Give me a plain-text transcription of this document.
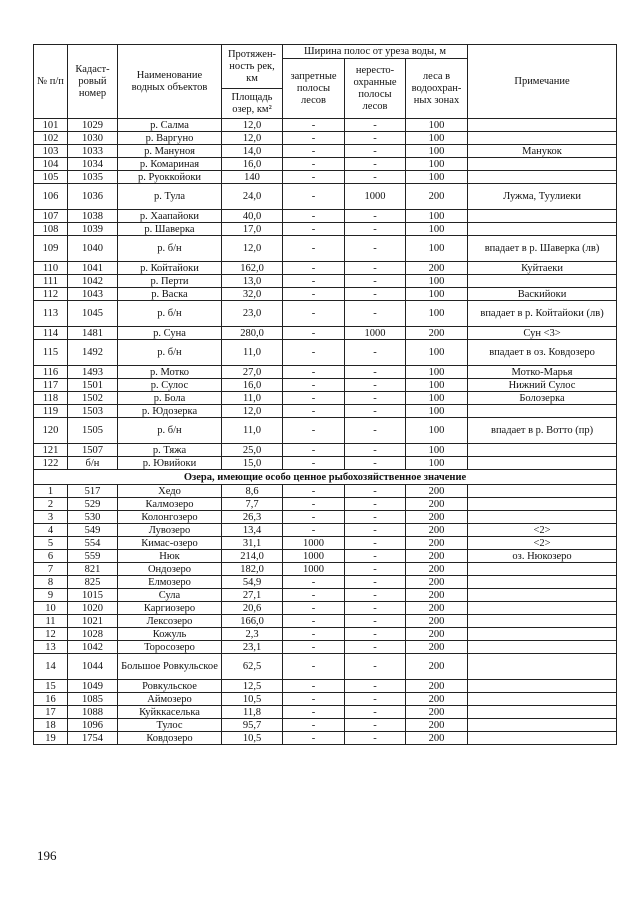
№ п/п	Кадаст-ровый номер	Наименование водных объектов	Протяжен-ность рек, км	Ширина полос от уреза воды, м			Примечание
				запретные полосы лесов	нересто-охранные полосы лесов	леса в водоохран-ных зонах	
			Площадь озер, км²				
101	1029	р. Салма	12,0	-	-	100	
102	1030	р. Варгуно	12,0	-	-	100	
103	1033	р. Мануноя	14,0	-	-	100	Манукок
104	1034	р. Комариная	16,0	-	-	100	
105	1035	р. Руоккойоки	140	-	-	100	
106	1036	р. Тула	24,0	-	1000	200	Лужма, Туулиеки
107	1038	р. Хаапайоки	40,0	-	-	100	
108	1039	р. Шаверка	17,0	-	-	100	
109	1040	р. б/н	12,0	-	-	100	впадает в р. Шаверка (лв)
110	1041	р. Койтайоки	162,0	-	-	200	Куйтаеки
111	1042	р. Перти	13,0	-	-	100	
112	1043	р. Васка	32,0	-	-	100	Васкийоки
113	1045	р. б/н	23,0	-	-	100	впадает в р. Койтайоки (лв)
114	1481	р. Суна	280,0	-	1000	200	Сун <3>
115	1492	р. б/н	11,0	-	-	100	впадает в оз. Ковдозеро
116	1493	р. Мотко	27,0	-	-	100	Мотко-Марья
117	1501	р. Сулос	16,0	-	-	100	Нижний Сулос
118	1502	р. Бола	11,0	-	-	100	Болозерка
119	1503	р. Юдозерка	12,0	-	-	100	
120	1505	р. б/н	11,0	-	-	100	впадает в р. Вотто (пр)
121	1507	р. Тяжа	25,0	-	-	100	
122	б/н	р. Ювийоки	15,0	-	-	100	
Озера, имеющие особо ценное рыбохозяйственное значение							
1	517	Хедо	8,6	-	-	200	
2	529	Калмозеро	7,7	-	-	200	
3	530	Колонгозеро	26,3	-	-	200	
4	549	Лувозеро	13,4	-	-	200	<2>
5	554	Кимас-озеро	31,1	1000	-	200	<2>
6	559	Нюк	214,0	1000	-	200	оз. Нюкозеро
7	821	Ондозеро	182,0	1000	-	200	
8	825	Елмозеро	54,9	-	-	200	
9	1015	Сула	27,1	-	-	200	
10	1020	Каргиозеро	20,6	-	-	200	
11	1021	Лексозеро	166,0	-	-	200	
12	1028	Кожуль	2,3	-	-	200	
13	1042	Торосозеро	23,1	-	-	200	
14	1044	Большое Ровкульское	62,5	-	-	200	
15	1049	Ровкульское	12,5	-	-	200	
16	1085	Аймозеро	10,5	-	-	200	
17	1088	Куйккаселька	11,8	-	-	200	
18	1096	Тулос	95,7	-	-	200	
19	1754	Ковдозеро	10,5	-	-	200	
196
